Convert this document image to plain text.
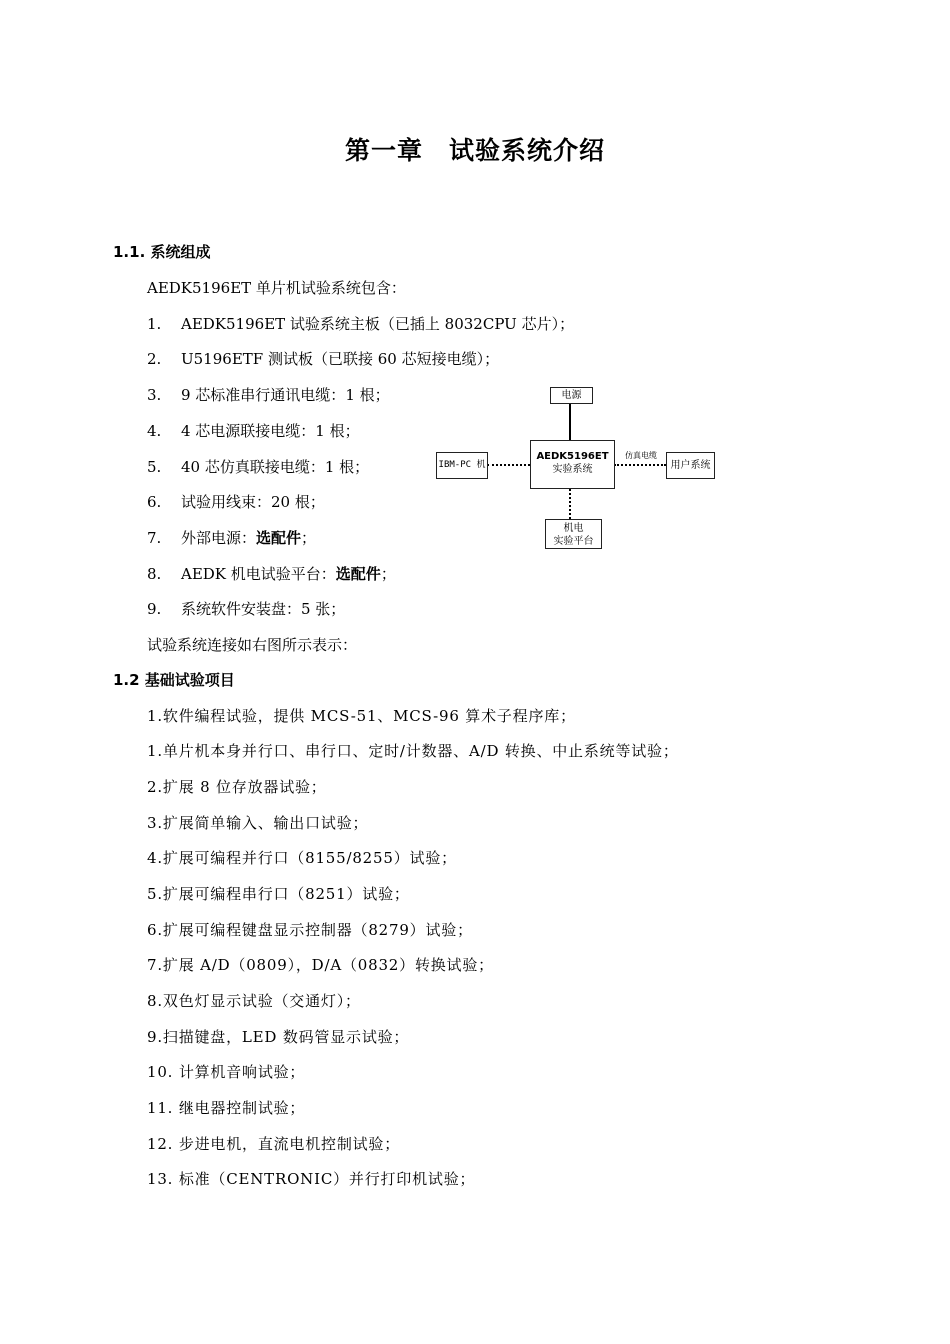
第一章　试验系统介绍
1.1. 系统组成
AEDK5196ET 单片机试验系统包含：
1. AEDK5196ET 试验系统主板（已插上 8032CPU 芯片）；
2. U5196ETF 测试板（已联接 60 芯短接电缆）；
3. 9 芯标准串行通讯电缆：1 根；
4. 4 芯电源联接电缆：1 根；
5. 40 芯仿真联接电缆：1 根；
6. 试验用线束：20 根；
7. 外部电源：选配件；
8. AEDK 机电试验平台：选配件；
9. 系统软件安装盘：5 张；
试验系统连接如右图所示表示：
电源
AEDK5196ET
实验系统
IBM-PC 机
仿真电缆
用户系统
机电
实验平台
1.2 基础试验项目
1.软件编程试验，提供 MCS-51、MCS-96 算术子程序库；
1.单片机本身并行口、串行口、定时/计数器、A/D 转换、中止系统等试验；
2.扩展 8 位存放器试验；
3.扩展简单输入、输出口试验；
4.扩展可编程并行口（8155/8255）试验；
5.扩展可编程串行口（8251）试验；
6.扩展可编程键盘显示控制器（8279）试验；
7.扩展 A/D（0809），D/A（0832）转换试验；
8.双色灯显示试验（交通灯）；
9.扫描键盘，LED 数码管显示试验；
10. 计算机音响试验；
11. 继电器控制试验；
12. 步进电机，直流电机控制试验；
13. 标准（CENTRONIC）并行打印机试验；
